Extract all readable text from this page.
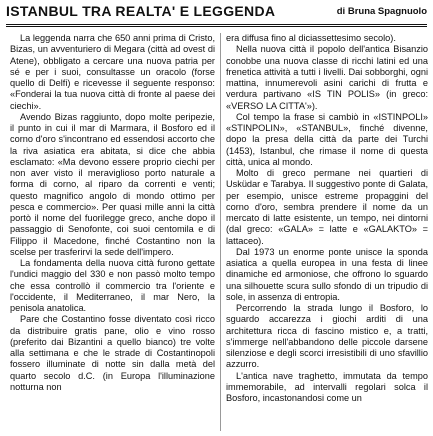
ISTANBUL TRA REALTA' E LEGGENDA	di Bruna Spagnuolo

La leggenda narra che 650 anni prima di Cristo, Bizas, un avventuriero di Megara (città ad ovest di Atene), obbligato a cercare una nuova patria per sé e per i suoi, consultasse un oracolo (forse quello di Delfi) e ricevesse il seguente responso: «Fonderai la tua nuova città di fronte al paese dei ciechi».

Avendo Bizas raggiunto, dopo molte peripezie, il punto in cui il mar di Marmara, il Bosforo ed il corno d'oro s'incontrano ed essendosi accorto che la riva asiatica era abitata, si dice che abbia esclamato: «Ma devono essere proprio ciechi per non aver visto il meraviglioso porto naturale a forma di corno, al riparo da correnti e venti; questo magnifico angolo di mondo ottimo per pesca e commercio». Per quasi mille anni la città portò il nome del fuorilegge greco, anche dopo il passaggio di Senofonte, coi suoi centomila e di Filippo il Macedone, finché Costantino non la scelse per trasferirvi la sede dell'impero.

La fondamenta della nuova città furono gettate l'undici maggio del 330 e non passò molto tempo che essa controllò il commercio tra l'oriente e l'occidente, il Mediterraneo, il mar Nero, la penisola anatolica.

Pare che Costantino fosse diventato così ricco da distribuire gratis pane, olio e vino rosso (preferito dai Bizantini a quello bianco) tre volte alla settimana e che le strade di Costantinopoli fossero illuminate di notte sin dalla metà del quarto secolo d.C. (in Europa l'illuminazione notturna non

era diffusa fino al diciassettesimo secolo).

Nella nuova città il popolo dell'antica Bisanzio conobbe una nuova classe di ricchi latini ed una frenetica attività a tutti i livelli. Dai sobborghi, ogni mattina, innumerevoli asini carichi di frutta e verdura partivano «IS TIN POLIS» (in greco: «VERSO LA CITTA'»).

Col tempo la frase si cambiò in «ISTINPOLI» «STINPOLIN», «STANBUL», finché divenne, dopo la presa della città da parte dei Turchi (1453), Istanbul, che rimase il nome di questa città, unica al mondo.

Molto di greco permane nei quartieri di Usküdar e Tarabya. Il suggestivo ponte di Galata, per esempio, unisce estreme propaggini del corno d'oro, sembra prendere il nome da un mercato di latte esistente, un tempo, nei dintorni (dal greco: «GALA» = latte e «GALAKTO» = lattaceo).

Dal 1973 un enorme ponte unisce la sponda asiatica a quella europea in una festa di linee dinamiche ed armoniose, che offrono lo sguardo una silhouette scura sullo sfondo di un tripudio di sole, in assenza di entropia.

Percorrendo la strada lungo il Bosforo, lo sguardo accarezza i giochi arditi di una architettura ricca di fascino mistico e, a tratti, s'immerge nell'abbandono delle piccole darsene silenziose e degli scorci irresistibili di uno sfavillio azzurro.

L'antica nave traghetto, immutata da tempo immemorabile, ad intervalli regolari solca il Bosforo, incastonandosi come un
